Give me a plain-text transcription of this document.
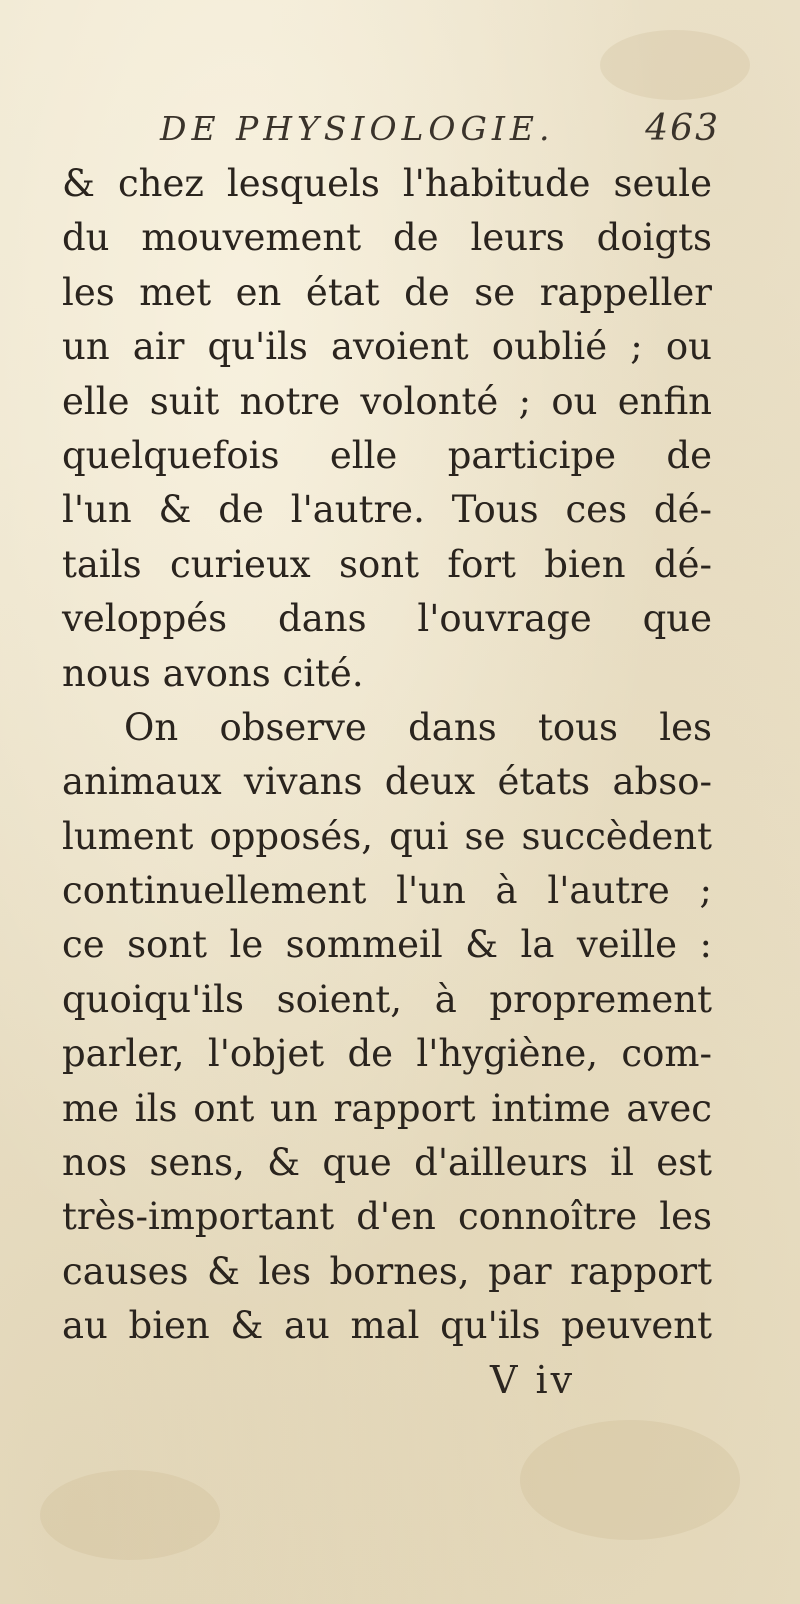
DE PHYSIOLOGIE.	463
& chez lesquels l'habitude seule
du mouvement de leurs doigts
les met en état de se rappeller
un air qu'ils avoient oublié ; ou
elle suit notre volonté ; ou enfin
quelquefois elle participe de
l'un & de l'autre. Tous ces dé-
tails curieux sont fort bien dé-
veloppés dans l'ouvrage que
nous avons cité.
On observe dans tous les
animaux vivans deux états abso-
lument opposés, qui se succèdent
continuellement l'un à l'autre ;
ce sont le sommeil & la veille :
quoiqu'ils soient, à proprement
parler, l'objet de l'hygiène, com-
me ils ont un rapport intime avec
nos sens, & que d'ailleurs il est
très-important d'en connoître les
causes & les bornes, par rapport
au bien & au mal qu'ils peuvent
V iv
